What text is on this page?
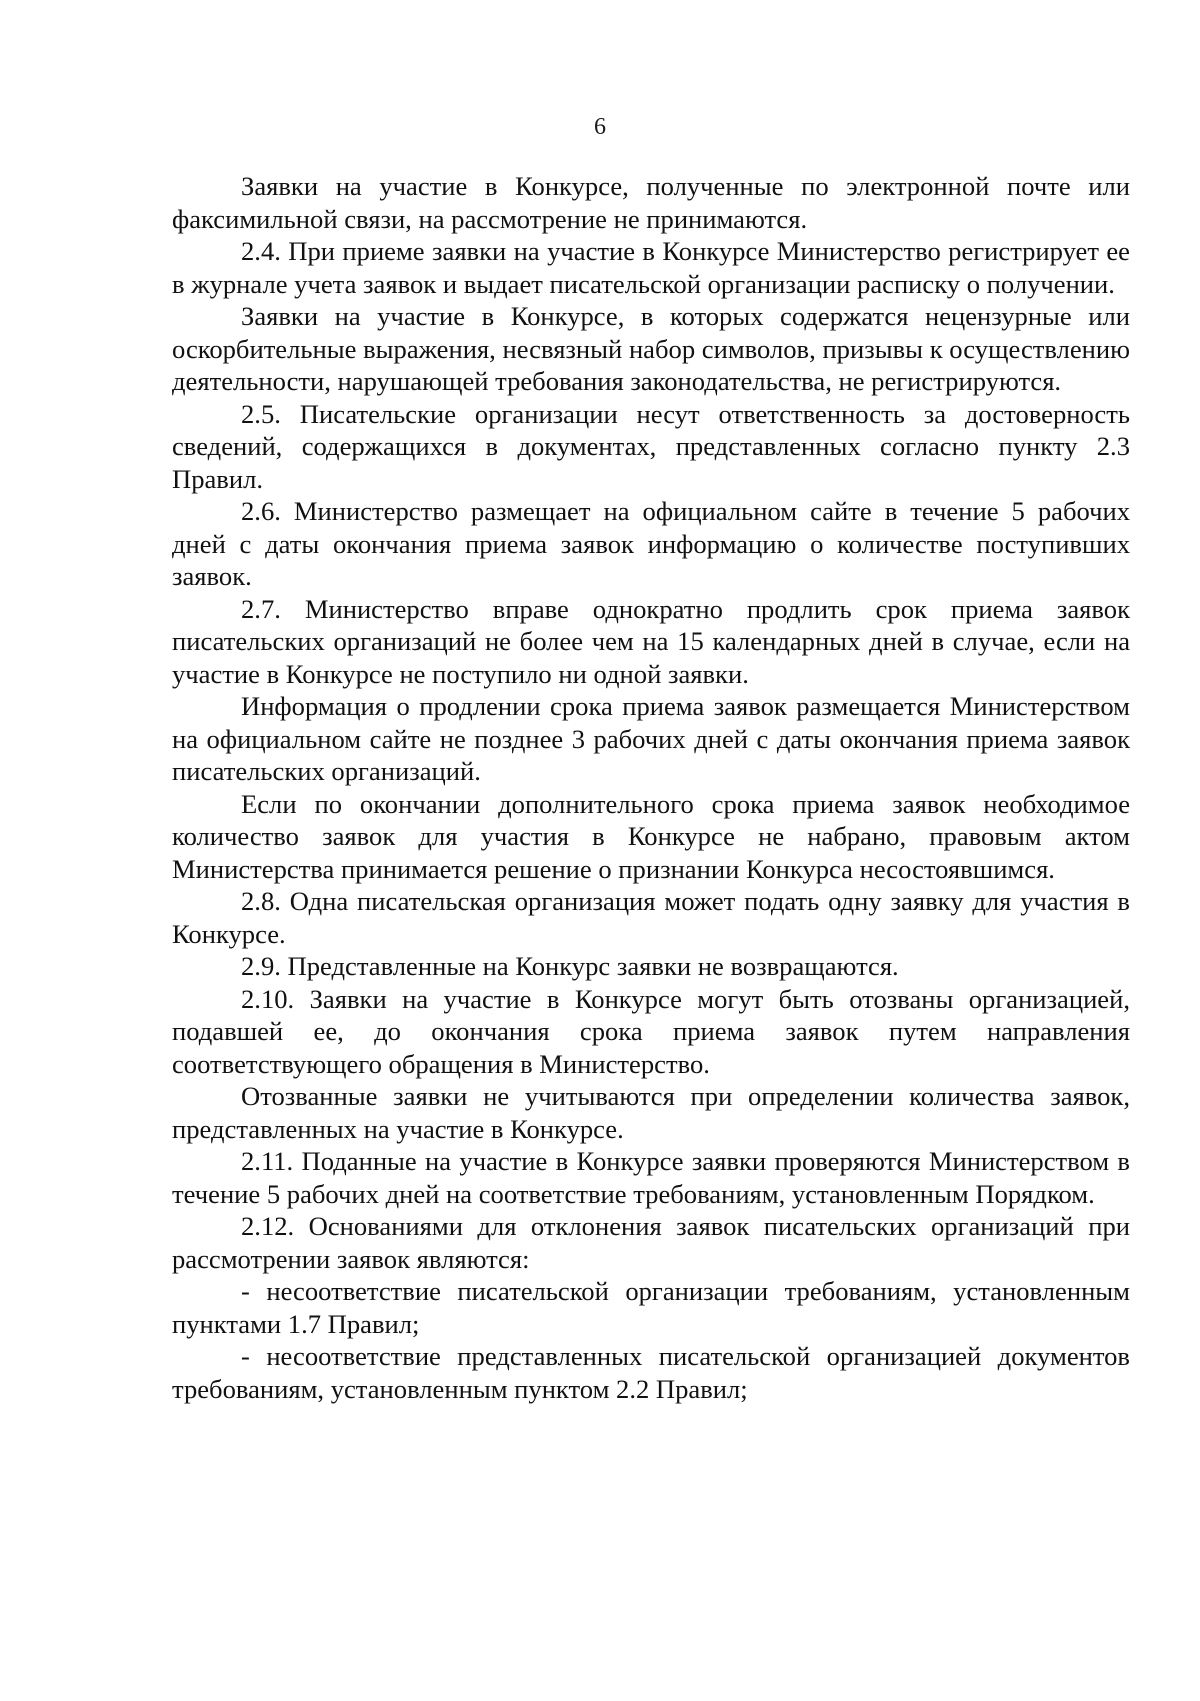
6

Заявки на участие в Конкурсе, полученные по электронной почте или факсимильной связи, на рассмотрение не принимаются.

2.4. При приеме заявки на участие в Конкурсе Министерство регистрирует ее в журнале учета заявок и выдает писательской организации расписку о получении.

Заявки на участие в Конкурсе, в которых содержатся нецензурные или оскорбительные выражения, несвязный набор символов, призывы к осуществлению деятельности, нарушающей требования законодательства, не регистрируются.

2.5. Писательские организации несут ответственность за достоверность сведений, содержащихся в документах, представленных согласно пункту 2.3 Правил.

2.6. Министерство размещает на официальном сайте в течение 5 рабочих дней с даты окончания приема заявок информацию о количестве поступивших заявок.

2.7. Министерство вправе однократно продлить срок приема заявок писательских организаций не более чем на 15 календарных дней в случае, если на участие в Конкурсе не поступило ни одной заявки.

Информация о продлении срока приема заявок размещается Министерством на официальном сайте не позднее 3 рабочих дней с даты окончания приема заявок писательских организаций.

Если по окончании дополнительного срока приема заявок необходимое количество заявок для участия в Конкурсе не набрано, правовым актом Министерства принимается решение о признании Конкурса несостоявшимся.

2.8. Одна писательская организация может подать одну заявку для участия в Конкурсе.

2.9. Представленные на Конкурс заявки не возвращаются.

2.10. Заявки на участие в Конкурсе могут быть отозваны организацией, подавшей ее, до окончания срока приема заявок путем направления соответствующего обращения в Министерство.

Отозванные заявки не учитываются при определении количества заявок, представленных на участие в Конкурсе.

2.11. Поданные на участие в Конкурсе заявки проверяются Министерством в течение 5 рабочих дней на соответствие требованиям, установленным Порядком.

2.12. Основаниями для отклонения заявок писательских организаций при рассмотрении заявок являются:

- несоответствие писательской организации требованиям, установленным пунктами 1.7 Правил;

- несоответствие представленных писательской организацией документов требованиям, установленным пунктом 2.2 Правил;
